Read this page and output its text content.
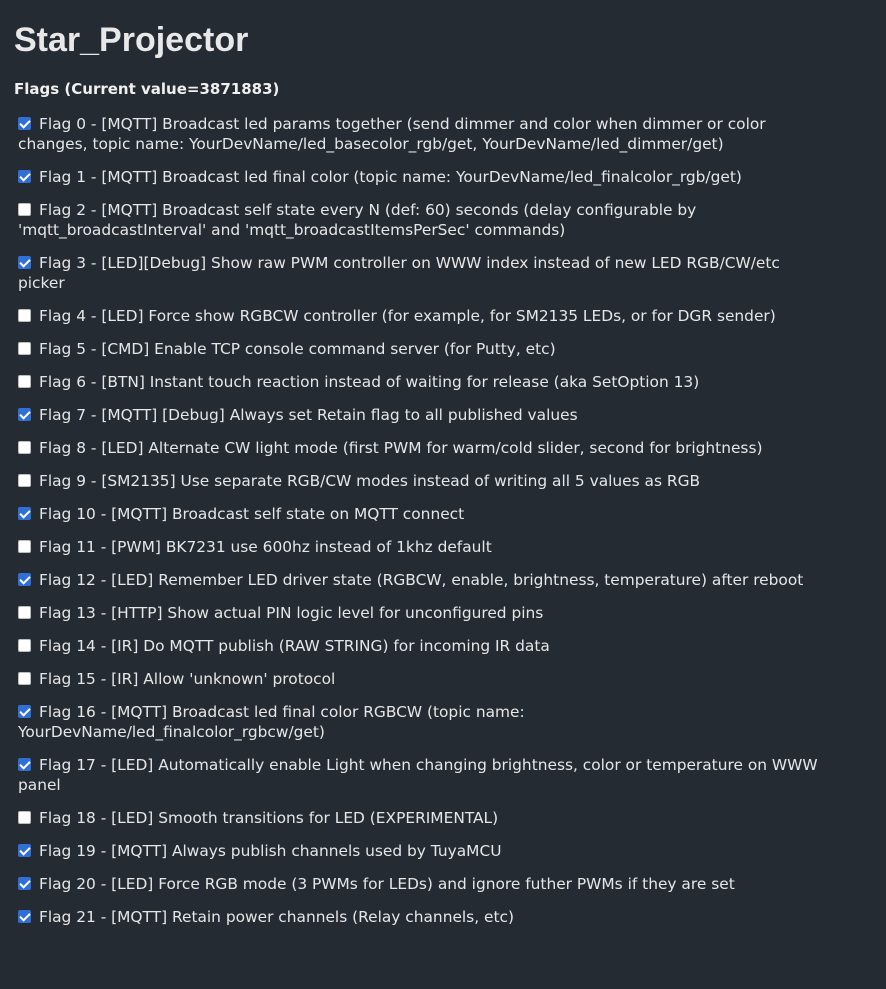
Star_Projector
Flags (Current value=3871883)
Flag 0 - [MQTT] Broadcast led params together (send dimmer and color when dimmer or color changes, topic name: YourDevName/led_basecolor_rgb/get, YourDevName/led_dimmer/get)
Flag 1 - [MQTT] Broadcast led final color (topic name: YourDevName/led_finalcolor_rgb/get)
Flag 2 - [MQTT] Broadcast self state every N (def: 60) seconds (delay configurable by 'mqtt_broadcastInterval' and 'mqtt_broadcastItemsPerSec' commands)
Flag 3 - [LED][Debug] Show raw PWM controller on WWW index instead of new LED RGB/CW/etc picker
Flag 4 - [LED] Force show RGBCW controller (for example, for SM2135 LEDs, or for DGR sender)
Flag 5 - [CMD] Enable TCP console command server (for Putty, etc)
Flag 6 - [BTN] Instant touch reaction instead of waiting for release (aka SetOption 13)
Flag 7 - [MQTT] [Debug] Always set Retain flag to all published values
Flag 8 - [LED] Alternate CW light mode (first PWM for warm/cold slider, second for brightness)
Flag 9 - [SM2135] Use separate RGB/CW modes instead of writing all 5 values as RGB
Flag 10 - [MQTT] Broadcast self state on MQTT connect
Flag 11 - [PWM] BK7231 use 600hz instead of 1khz default
Flag 12 - [LED] Remember LED driver state (RGBCW, enable, brightness, temperature) after reboot
Flag 13 - [HTTP] Show actual PIN logic level for unconfigured pins
Flag 14 - [IR] Do MQTT publish (RAW STRING) for incoming IR data
Flag 15 - [IR] Allow 'unknown' protocol
Flag 16 - [MQTT] Broadcast led final color RGBCW (topic name: YourDevName/led_finalcolor_rgbcw/get)
Flag 17 - [LED] Automatically enable Light when changing brightness, color or temperature on WWW panel
Flag 18 - [LED] Smooth transitions for LED (EXPERIMENTAL)
Flag 19 - [MQTT] Always publish channels used by TuyaMCU
Flag 20 - [LED] Force RGB mode (3 PWMs for LEDs) and ignore futher PWMs if they are set
Flag 21 - [MQTT] Retain power channels (Relay channels, etc)
